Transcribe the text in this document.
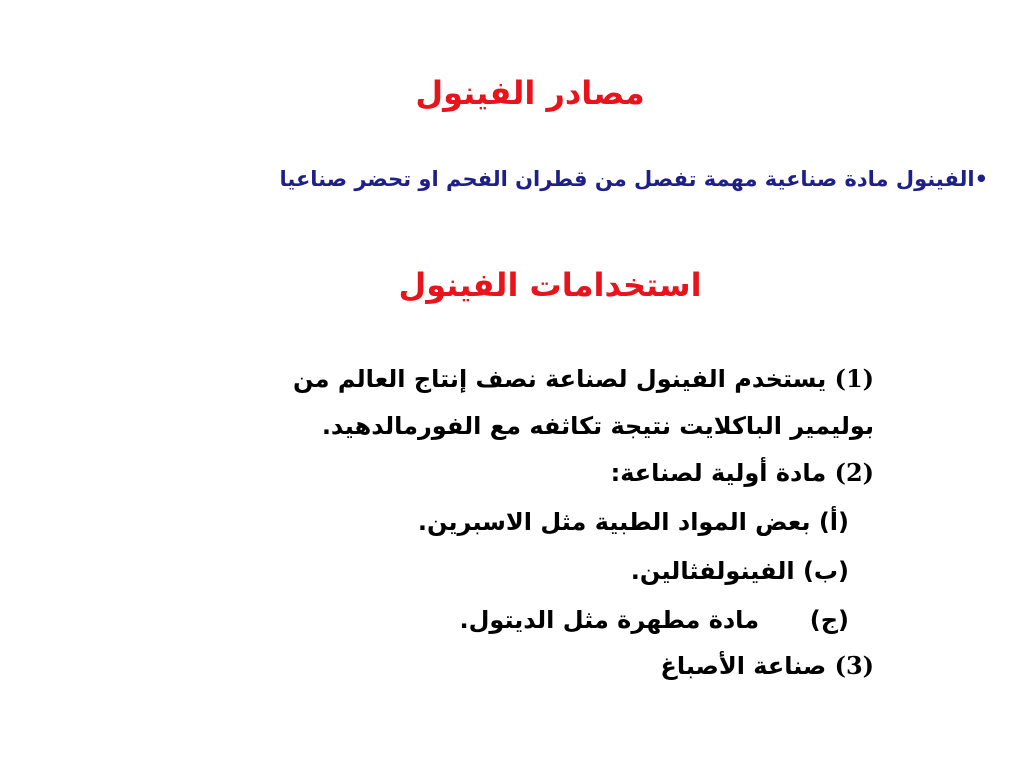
مصادر الفينول
•الفينول مادة صناعية مهمة تفصل من قطران الفحم او تحضر صناعيا
استخدامات الفينول
(1) يستخدم الفينول لصناعة نصف إنتاج العالم من
بوليمير الباكلايت نتيجة تكاثفه مع الفورمالدهيد.
(2) مادة أولية لصناعة:
(أ) بعض المواد الطبية مثل الاسبرين.
(ب) الفينولفثالين.
(ج)  مادة مطهرة مثل الديتول.
(3) صناعة الأصباغ
